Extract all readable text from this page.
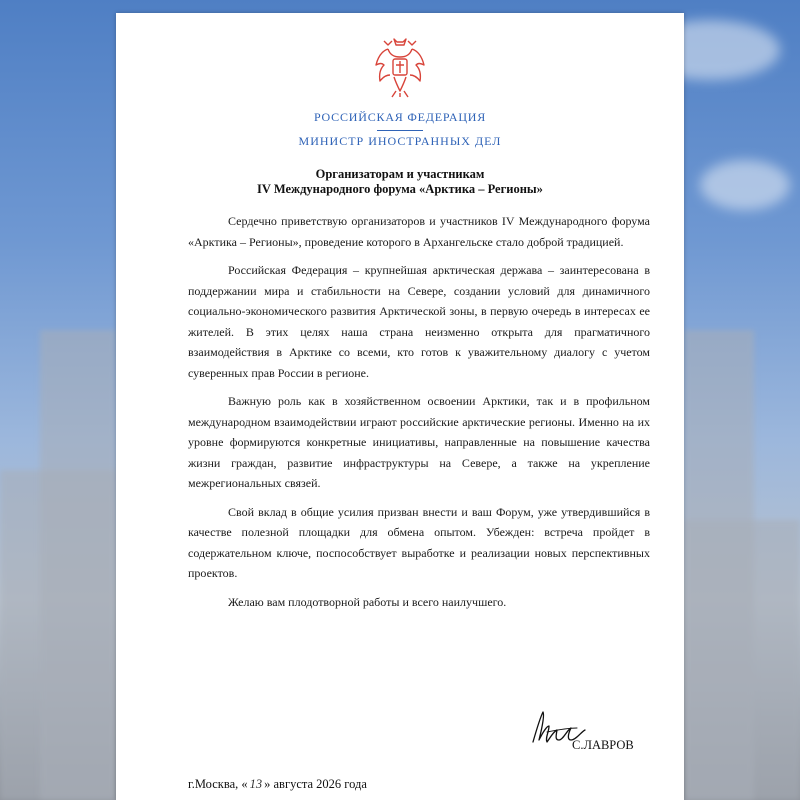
РОССИЙСКАЯ ФЕДЕРАЦИЯ
МИНИСТР ИНОСТРАННЫХ ДЕЛ
Организаторам и участникам
IV Международного форума «Арктика – Регионы»

Сердечно приветствую организаторов и участников IV Международного форума «Арктика – Регионы», проведение которого в Архангельске стало доброй традицией.

Российская Федерация – крупнейшая арктическая держава – заинтересована в поддержании мира и стабильности на Севере, создании условий для динамичного социально-экономического развития Арктической зоны, в первую очередь в интересах ее жителей. В этих целях наша страна неизменно открыта для прагматичного взаимодействия в Арктике со всеми, кто готов к уважительному диалогу с учетом суверенных прав России в регионе.

Важную роль как в хозяйственном освоении Арктики, так и в профильном международном взаимодействии играют российские арктические регионы. Именно на их уровне формируются конкретные инициативы, направленные на повышение качества жизни граждан, развитие инфраструктуры на Севере, а также на укрепление межрегиональных связей.

Свой вклад в общие усилия призван внести и ваш Форум, уже утвердившийся в качестве полезной площадки для обмена опытом. Убежден: встреча пройдет в содержательном ключе, поспособствует выработке и реализации новых перспективных проектов.

Желаю вам плодотворной работы и всего наилучшего.

С.ЛАВРОВ
г.Москва, « 13 » августа 2026 года
